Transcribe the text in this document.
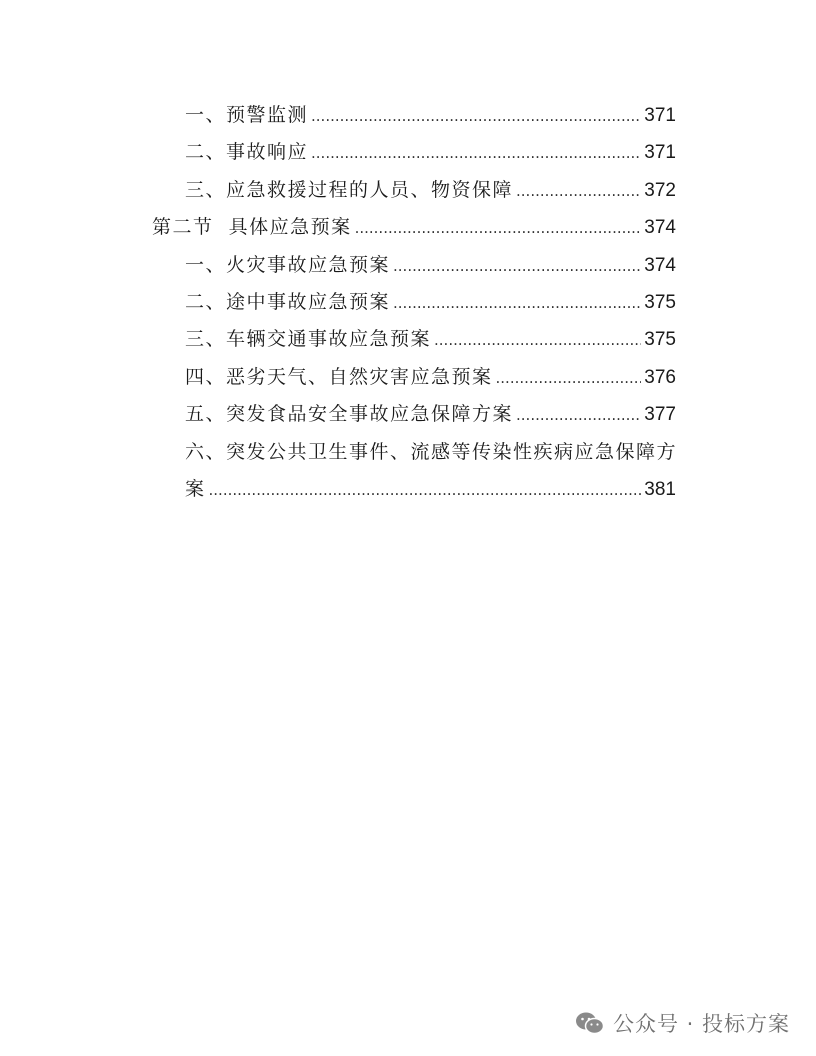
一、预警监测 .....	371
二、事故响应 .....	371
三、应急救援过程的人员、物资保障 .....	372
第二节  具体应急预案 .....	374
一、火灾事故应急预案 .....	374
二、途中事故应急预案 .....	375
三、车辆交通事故应急预案 .....	375
四、恶劣天气、自然灾害应急预案 .....	376
五、突发食品安全事故应急保障方案 .....	377
六、突发公共卫生事件、流感等传染性疾病应急保障方
案 .....	381
公众号 · 投标方案
